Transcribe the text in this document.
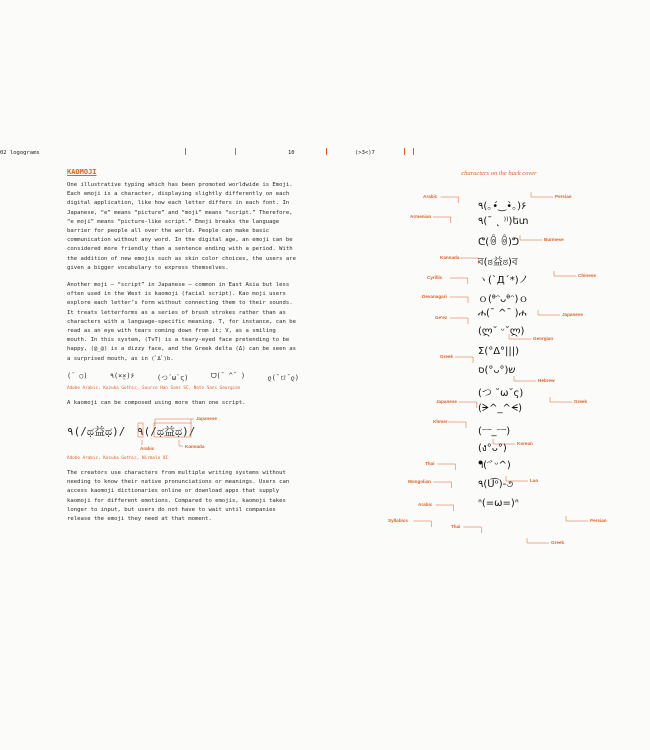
02 logograms	10	(>3<)7
KAOMOJI

One illustrative typing which has been promoted worldwide is Emoji. Each emoji is a character, displaying slightly differently on each digital application, like how each letter differs in each font. In Japanese, “e” means “picture” and “moji” means “script.” Therefore, “e moji” means “picture-like script.” Emoji breaks the language barrier for people all over the world. People can make basic communication without any word. In the digital age, an emoji can be considered more friendly than a sentence ending with a period. With the addition of new emojis such as skin color choices, the users are given a bigger vocabulary to express themselves.

Another moji — “script” in Japanese — common in East Asia but less often used in the West is kaomoji (facial script). Kao moji users explore each letter’s form without connecting them to their sounds. It treats letterforms as a series of brush strokes rather than as characters with a language-specific meaning. T, for instance, can be read as an eye with tears coming down from it; V, as a smiling mouth. In this system, (TvT) is a teary-eyed face pretending to be happy, (@_@) is a dizzy face, and the Greek delta (Δ) can be seen as a surprised mouth, as in (ﾟΔﾟ)b.

(¨ ○)	٩(×̯×)۶	(つ´ω`ς)	ᗜ(¯ ^¯ )	ლ(¯ロ¯ლ)
Adobe Arabic, Kozuka Gothic, Source Han Sans SC, Noto Sans Georgian

A kaomoji can be composed using more than one script.

٩(/ಥ益ಥ)/ ٩(/ಥ益ಥ)/
Japanese
Arabic	Kannada
Adobe Arabic, Kozuka Gothic, Nirmala UI

The creators use characters from multiple writing systems without needing to know their native pronunciations or meanings. Users can access kaomoji dictionaries online or download apps that supply kaomoji for different emotions. Compared to emojis, kaomoji takes longer to input, but users do not have to wait until companies release the emoji they need at that moment.

characters on the back cover
٩(｡•́‿•̀｡)۶
٩(¯ ˛ ⁾⁾)ետ
ᕦ(ꉺ ꉺ)ᕤ
ব(ಠ益ಠ)ব
ヽ(`Д´*)ノ
ｏ(ᶿᵔᴗᶿᵔ)ｏ
ሐ(¯ ^¯ )ሐ
(ლ˘ ᵕ˘ლ)
Σ(°Δ°|||)
ס(°ᴗ°)ש
(つ ˘ω˘ς)
(ᗒ^_^ᗕ)
(ㅡ_ㅡ)
(ง°ᴗ°)
ᖳ(ᵔ ̀ᵕ^)
٩(ᑌ͡ᵒ)-૭
ᐢ(=ω=)ᐢ
Arabic	Persian
Armenian
Burmese
Kannada
Chinese
Cyrillic
Devanagari
Japanese
Ge'ez
Georgian
Greek
Hebrew
Japanese	Greek
Khmer
Korean
Thai
Lao
Mongolian
Arabic
Syllabics	Persian
Thai
Greek
